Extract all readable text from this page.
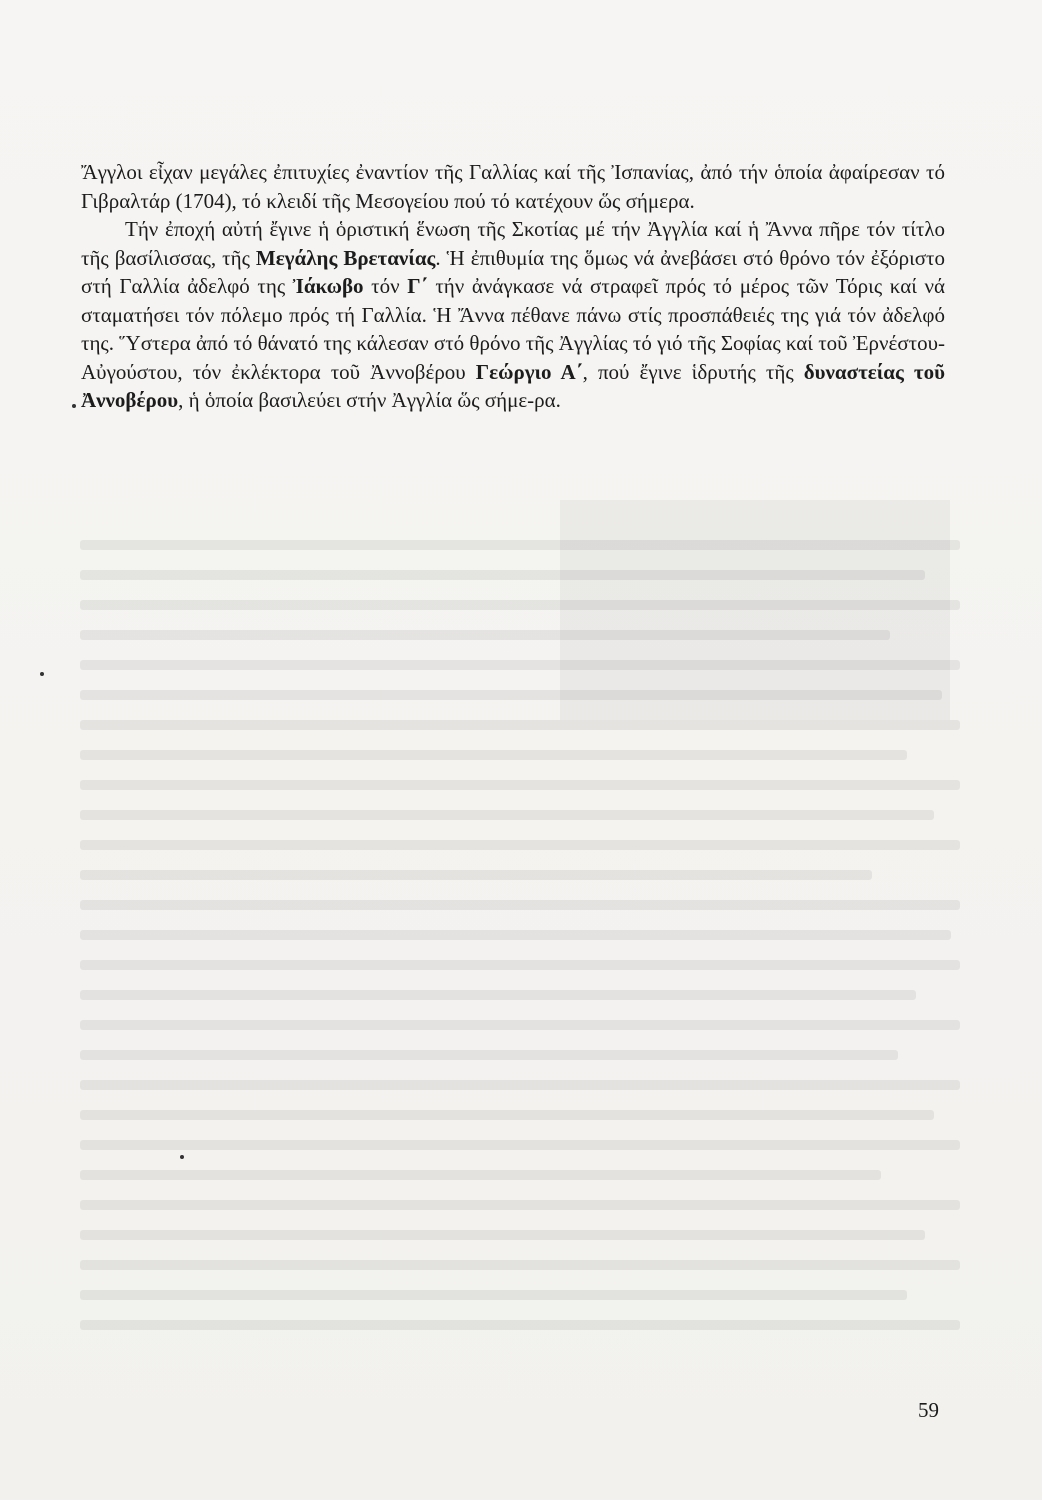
Ἄγγλοι εἶχαν μεγάλες ἐπιτυχίες ἐναντίον τῆς Γαλλίας καί τῆς Ἰσπανίας, ἀπό τήν ὁποία ἀφαίρεσαν τό Γιβραλτάρ (1704), τό κλειδί τῆς Μεσογείου πού τό κατέχουν ὥς σήμερα.

Τήν ἐποχή αὐτή ἔγινε ἡ ὁριστική ἕνωση τῆς Σκοτίας μέ τήν Ἀγγλία καί ἡ Ἄννα πῆρε τόν τίτλο τῆς βασίλισσας, τῆς Μεγάλης Βρετανίας. Ἡ ἐπιθυμία της ὅμως νά ἀνεβάσει στό θρόνο τόν ἐξόριστο στή Γαλλία ἀδελφό της Ἰάκωβο τόν Γ΄ τήν ἀνάγκασε νά στραφεῖ πρός τό μέρος τῶν Τόρις καί νά σταματήσει τόν πόλεμο πρός τή Γαλλία. Ἡ Ἄννα πέθανε πάνω στίς προσπάθειές της γιά τόν ἀδελφό της. Ὕστερα ἀπό τό θάνατό της κάλεσαν στό θρόνο τῆς Ἀγγλίας τό γιό τῆς Σοφίας καί τοῦ Ἐρνέστου-Αὐγούστου, τόν ἐκλέκτορα τοῦ Ἀννοβέρου Γεώργιο Α΄, πού ἔγινε ἱδρυτής τῆς δυναστείας τοῦ Ἀννοβέρου, ἡ ὁποία βασιλεύει στήν Ἀγγλία ὥς σήμε-ρα.

59
